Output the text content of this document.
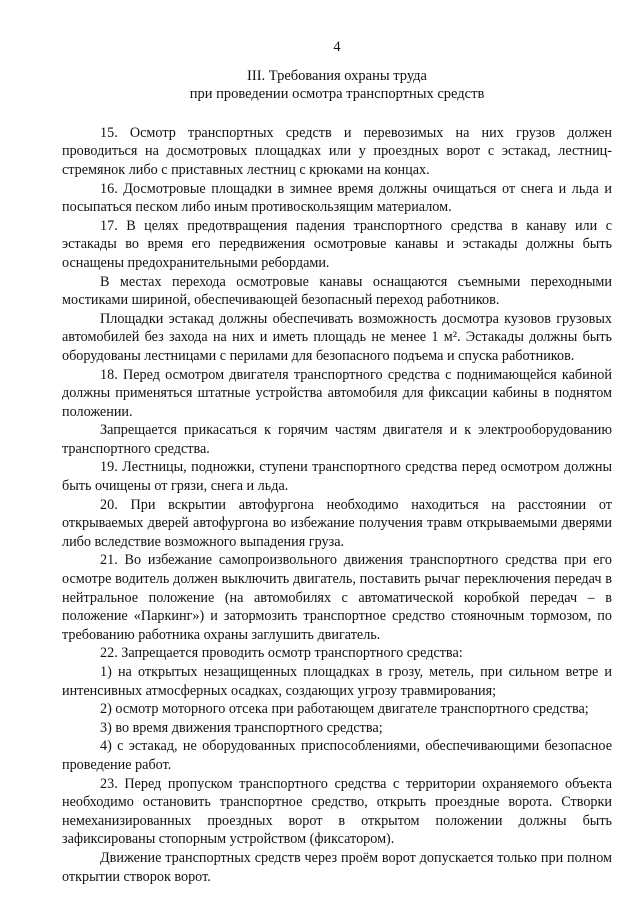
4
III. Требования охраны труда
при проведении осмотра транспортных средств

15. Осмотр транспортных средств и перевозимых на них грузов должен проводиться на досмотровых площадках или у проездных ворот с эстакад, лестниц-стремянок либо с приставных лестниц с крюками на концах.

16. Досмотровые площадки в зимнее время должны очищаться от снега и льда и посыпаться песком либо иным противоскользящим материалом.

17. В целях предотвращения падения транспортного средства в канаву или с эстакады во время его передвижения осмотровые канавы и эстакады должны быть оснащены предохранительными ребордами.

В местах перехода осмотровые канавы оснащаются съемными переходными мостиками шириной, обеспечивающей безопасный переход работников.

Площадки эстакад должны обеспечивать возможность досмотра кузовов грузовых автомобилей без захода на них и иметь площадь не менее 1 м². Эстакады должны быть оборудованы лестницами с перилами для безопасного подъема и спуска работников.

18. Перед осмотром двигателя транспортного средства с поднимающейся кабиной должны применяться штатные устройства автомобиля для фиксации кабины в поднятом положении.

Запрещается прикасаться к горячим частям двигателя и к электрооборудованию транспортного средства.

19. Лестницы, подножки, ступени транспортного средства перед осмотром должны быть очищены от грязи, снега и льда.

20. При вскрытии автофургона необходимо находиться на расстоянии от открываемых дверей автофургона во избежание получения травм открываемыми дверями либо вследствие возможного выпадения груза.

21. Во избежание самопроизвольного движения транспортного средства при его осмотре водитель должен выключить двигатель, поставить рычаг переключения передач в нейтральное положение (на автомобилях с автоматической коробкой передач – в положение «Паркинг») и затормозить транспортное средство стояночным тормозом, по требованию работника охраны заглушить двигатель.

22. Запрещается проводить осмотр транспортного средства:

1) на открытых незащищенных площадках в грозу, метель, при сильном ветре и интенсивных атмосферных осадках, создающих угрозу травмирования;

2) осмотр моторного отсека при работающем двигателе транспортного средства;

3) во время движения транспортного средства;

4) с эстакад, не оборудованных приспособлениями, обеспечивающими безопасное проведение работ.

23. Перед пропуском транспортного средства с территории охраняемого объекта необходимо остановить транспортное средство, открыть проездные ворота. Створки немеханизированных проездных ворот в открытом положении должны быть зафиксированы стопорным устройством (фиксатором).

Движение транспортных средств через проём ворот допускается только при полном открытии створок ворот.
